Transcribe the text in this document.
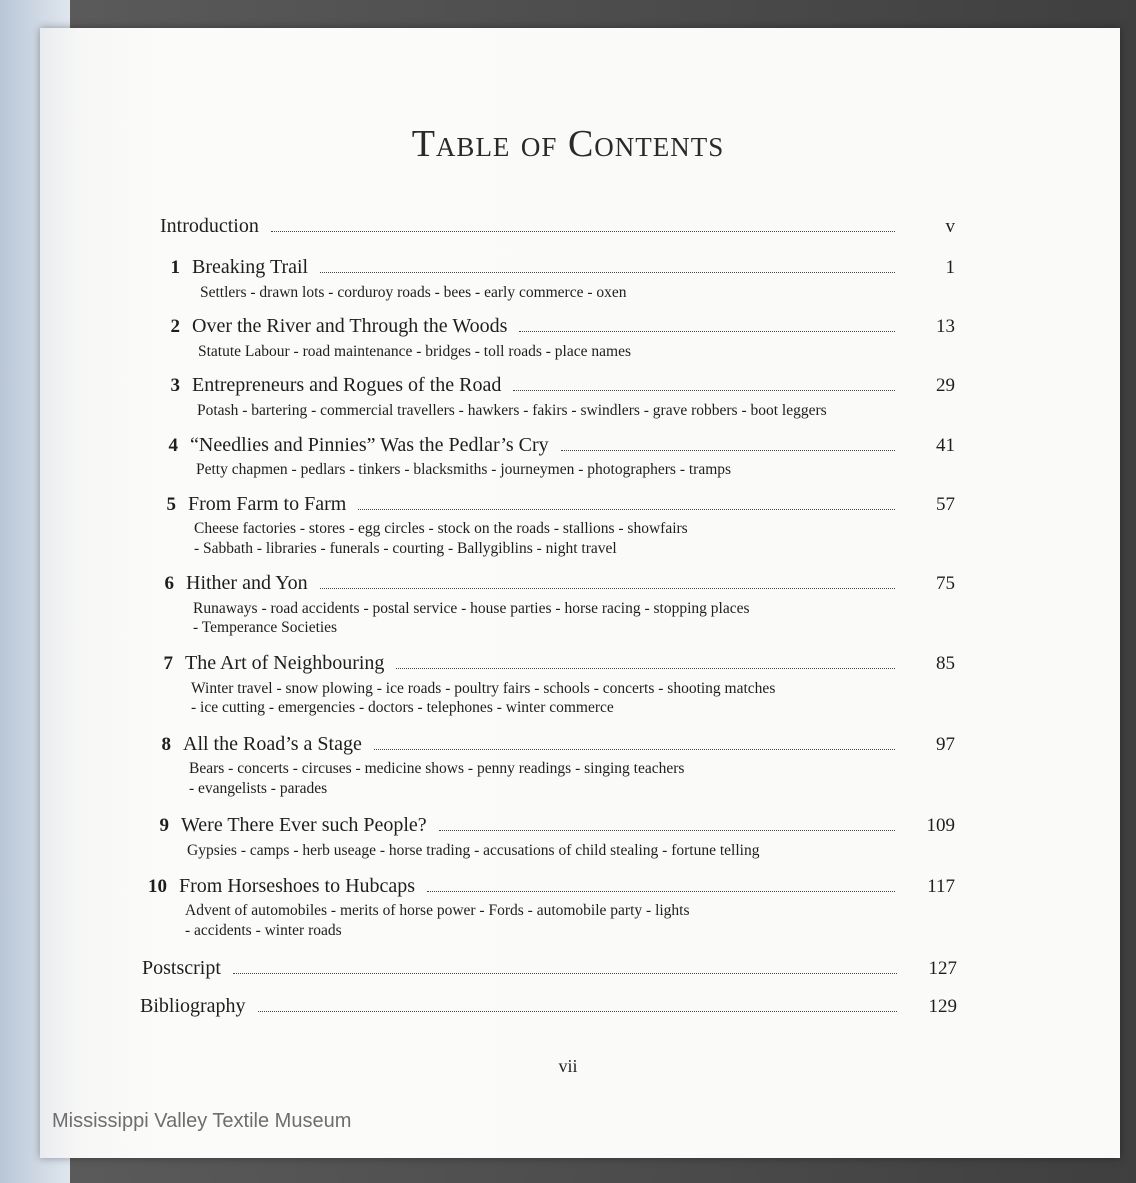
Table of Contents
Introduction	v
1 Breaking Trail	1
Settlers - drawn lots - corduroy roads - bees - early commerce - oxen
2 Over the River and Through the Woods	13
Statute Labour - road maintenance - bridges - toll roads - place names
3 Entrepreneurs and Rogues of the Road	29
Potash - bartering - commercial travellers - hawkers - fakirs - swindlers - grave robbers - boot leggers
4 “Needlies and Pinnies” Was the Pedlar’s Cry	41
Petty chapmen - pedlars - tinkers - blacksmiths - journeymen - photographers - tramps
5 From Farm to Farm	57
Cheese factories - stores - egg circles - stock on the roads - stallions - showfairs
- Sabbath - libraries - funerals - courting - Ballygiblins - night travel
6 Hither and Yon	75
Runaways - road accidents - postal service - house parties - horse racing - stopping places
- Temperance Societies
7 The Art of Neighbouring	85
Winter travel - snow plowing - ice roads - poultry fairs - schools - concerts - shooting matches
- ice cutting - emergencies - doctors - telephones - winter commerce
8 All the Road’s a Stage	97
Bears - concerts - circuses - medicine shows - penny readings - singing teachers
- evangelists - parades
9 Were There Ever such People?	109
Gypsies - camps - herb useage - horse trading - accusations of child stealing - fortune telling
10 From Horseshoes to Hubcaps	117
Advent of automobiles - merits of horse power - Fords - automobile party - lights
- accidents - winter roads
Postscript	127
Bibliography	129
vii
Mississippi Valley Textile Museum
